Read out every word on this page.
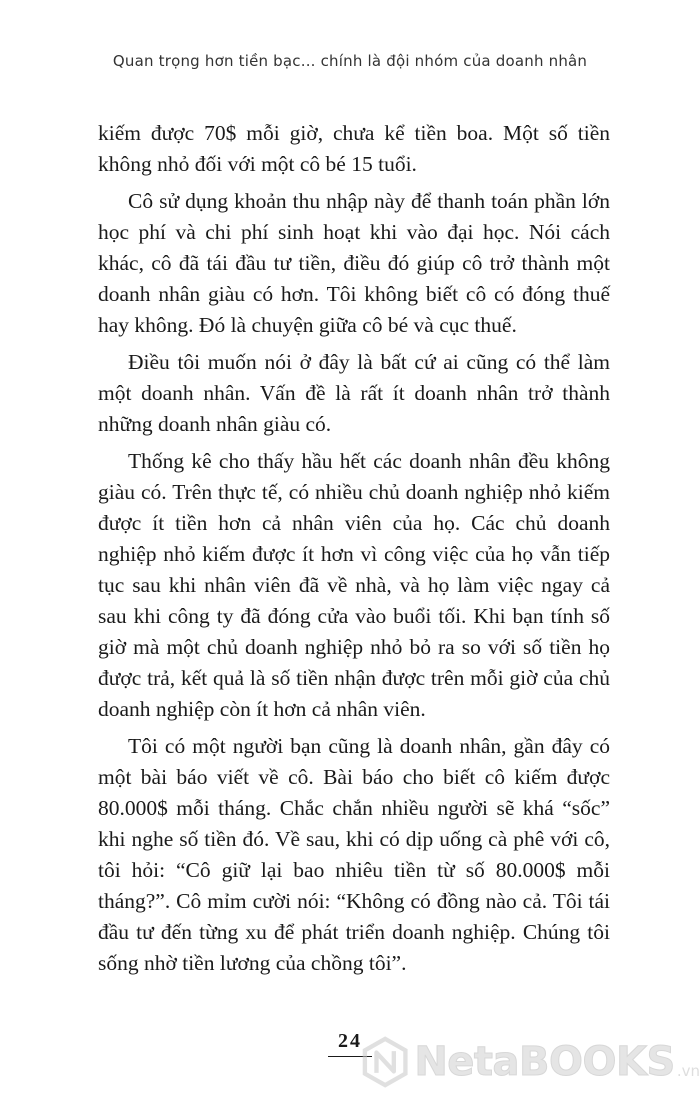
Quan trọng hơn tiền bạc... chính là đội nhóm của doanh nhân

kiếm được 70$ mỗi giờ, chưa kể tiền boa. Một số tiền không nhỏ đối với một cô bé 15 tuổi.

Cô sử dụng khoản thu nhập này để thanh toán phần lớn học phí và chi phí sinh hoạt khi vào đại học. Nói cách khác, cô đã tái đầu tư tiền, điều đó giúp cô trở thành một doanh nhân giàu có hơn. Tôi không biết cô có đóng thuế hay không. Đó là chuyện giữa cô bé và cục thuế.

Điều tôi muốn nói ở đây là bất cứ ai cũng có thể làm một doanh nhân. Vấn đề là rất ít doanh nhân trở thành những doanh nhân giàu có.

Thống kê cho thấy hầu hết các doanh nhân đều không giàu có. Trên thực tế, có nhiều chủ doanh nghiệp nhỏ kiếm được ít tiền hơn cả nhân viên của họ. Các chủ doanh nghiệp nhỏ kiếm được ít hơn vì công việc của họ vẫn tiếp tục sau khi nhân viên đã về nhà, và họ làm việc ngay cả sau khi công ty đã đóng cửa vào buổi tối. Khi bạn tính số giờ mà một chủ doanh nghiệp nhỏ bỏ ra so với số tiền họ được trả, kết quả là số tiền nhận được trên mỗi giờ của chủ doanh nghiệp còn ít hơn cả nhân viên.

Tôi có một người bạn cũng là doanh nhân, gần đây có một bài báo viết về cô. Bài báo cho biết cô kiếm được 80.000$ mỗi tháng. Chắc chắn nhiều người sẽ khá “sốc” khi nghe số tiền đó. Về sau, khi có dịp uống cà phê với cô, tôi hỏi: “Cô giữ lại bao nhiêu tiền từ số 80.000$ mỗi tháng?”. Cô mỉm cười nói: “Không có đồng nào cả. Tôi tái đầu tư đến từng xu để phát triển doanh nghiệp. Chúng tôi sống nhờ tiền lương của chồng tôi”.

24	NetaBOOKS .vn
